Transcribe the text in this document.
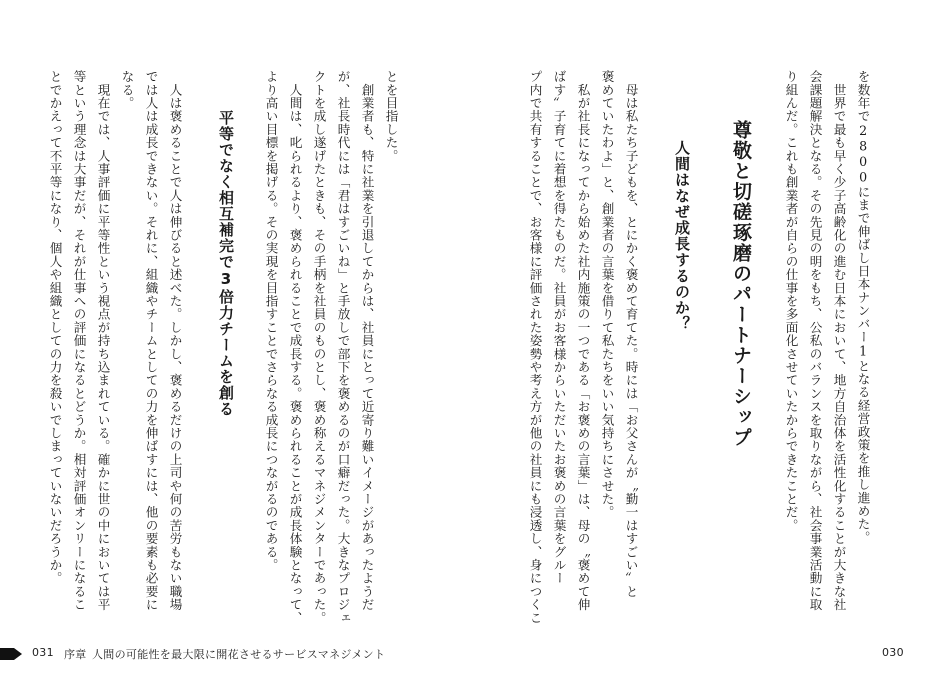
を数年で2800にまで伸ばし日本ナンバー1となる経営政策を推し進めた。
　世界で最も早く少子高齢化の進む日本において、地方自治体を活性化することが大きな社
会課題解決となる。その先見の明をもち、公私のバランスを取りながら、社会事業活動に取
り組んだ。これも創業者が自らの仕事を多面化させていたからできたことだ。
尊敬と切磋琢磨のパートナーシップ
人間はなぜ成長するのか？
　母は私たち子どもを、とにかく褒めて育てた。時には「お父さんが〝勤一はすごい〟と
褒めていたわよ」と、創業者の言葉を借りて私たちをいい気持ちにさせた。
　私が社長になってから始めた社内施策の一つである「お褒めの言葉」は、母の〝褒めて伸
ばす〟子育てに着想を得たものだ。社員がお客様からいただいたお褒めの言葉をグルー
プ内で共有することで、お客様に評価された姿勢や考え方が他の社員にも浸透し、身につくこ
とを目指した。
　創業者も、特に社業を引退してからは、社員にとって近寄り難いイメージがあったようだ
が、社長時代には「君はすごいね」と手放しで部下を褒めるのが口癖だった。大きなプロジェ
クトを成し遂げたときも、その手柄を社員のものとし、褒め称えるマネジメンターであった。
　人間は、叱られるより、褒められることで成長する。褒められることが成長体験となって、
より高い目標を掲げる。その実現を目指すことでさらなる成長につながるのである。
平等でなく相互補完で3倍力チームを創る
　人は褒めることで人は伸びると述べた。しかし、褒めるだけの上司や何の苦労もない職場
では人は成長できない。それに、組織やチームとしての力を伸ばすには、他の要素も必要に
なる。
　現在では、人事評価に平等性という視点が持ち込まれている。確かに世の中においては平
等という理念は大事だが、それが仕事への評価になるとどうか。相対評価オンリーになるこ
とでかえって不平等になり、個人や組織としての力を殺いでしまっていないだろうか。
031 序章 人間の可能性を最大限に開花させるサービスマネジメント	030
